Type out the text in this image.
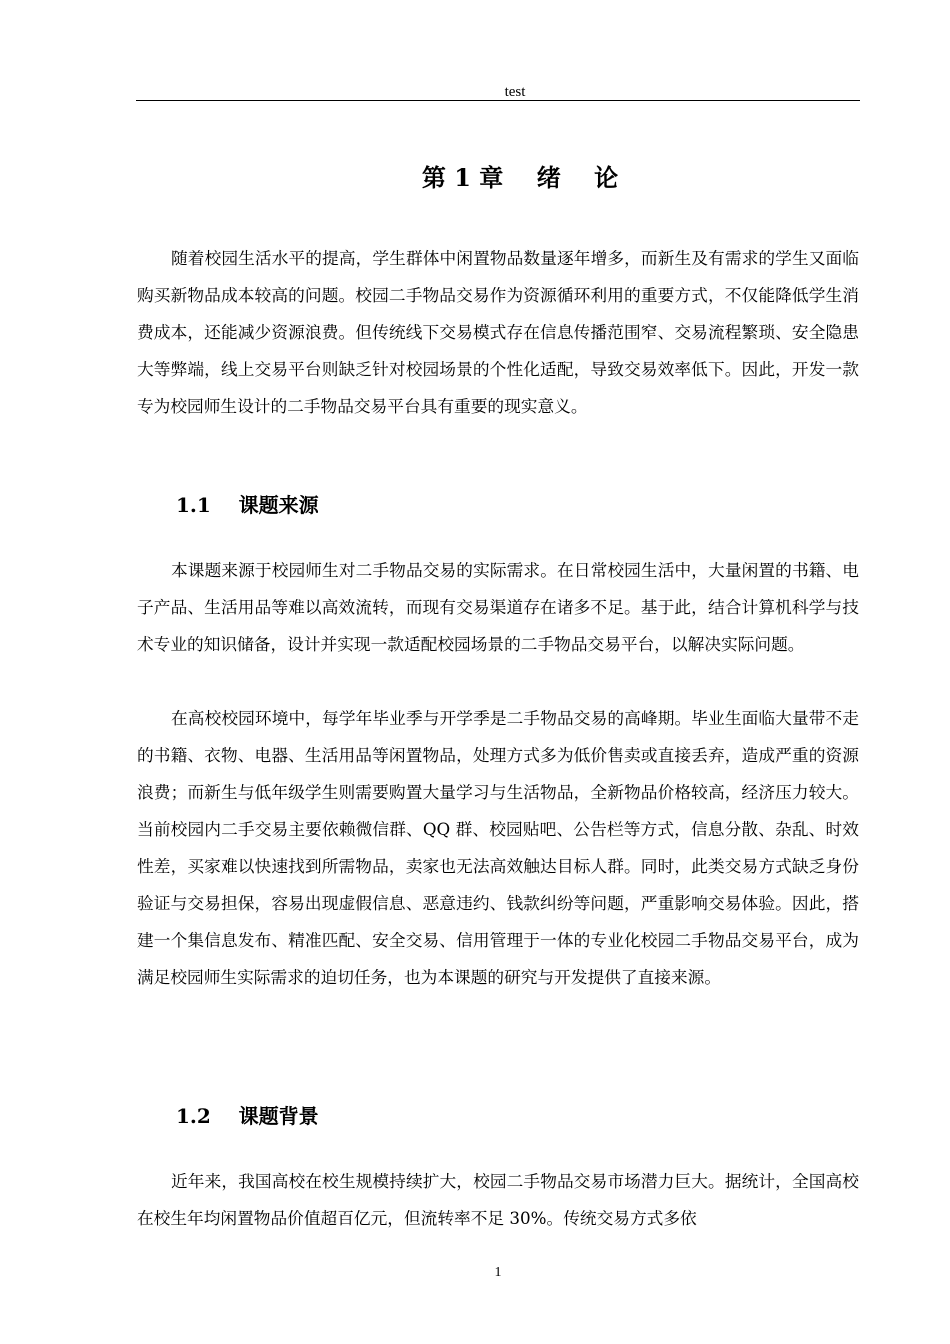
test
第 1 章    绪    论

随着校园生活水平的提高，学生群体中闲置物品数量逐年增多，而新生及有需求的学生又面临购买新物品成本较高的问题。校园二手物品交易作为资源循环利用的重要方式，不仅能降低学生消费成本，还能减少资源浪费。但传统线下交易模式存在信息传播范围窄、交易流程繁琐、安全隐患大等弊端，线上交易平台则缺乏针对校园场景的个性化适配，导致交易效率低下。因此，开发一款专为校园师生设计的二手物品交易平台具有重要的现实意义。

1.1    课题来源

本课题来源于校园师生对二手物品交易的实际需求。在日常校园生活中，大量闲置的书籍、电子产品、生活用品等难以高效流转，而现有交易渠道存在诸多不足。基于此，结合计算机科学与技术专业的知识储备，设计并实现一款适配校园场景的二手物品交易平台，以解决实际问题。

在高校校园环境中，每学年毕业季与开学季是二手物品交易的高峰期。毕业生面临大量带不走的书籍、衣物、电器、生活用品等闲置物品，处理方式多为低价售卖或直接丢弃，造成严重的资源浪费；而新生与低年级学生则需要购置大量学习与生活物品，全新物品价格较高，经济压力较大。当前校园内二手交易主要依赖微信群、QQ 群、校园贴吧、公告栏等方式，信息分散、杂乱、时效性差，买家难以快速找到所需物品，卖家也无法高效触达目标人群。同时，此类交易方式缺乏身份验证与交易担保，容易出现虚假信息、恶意违约、钱款纠纷等问题，严重影响交易体验。因此，搭建一个集信息发布、精准匹配、安全交易、信用管理于一体的专业化校园二手物品交易平台，成为满足校园师生实际需求的迫切任务，也为本课题的研究与开发提供了直接来源。

1.2    课题背景

近年来，我国高校在校生规模持续扩大，校园二手物品交易市场潜力巨大。据统计，全国高校在校生年均闲置物品价值超百亿元，但流转率不足 30%。传统交易方式多依

1
